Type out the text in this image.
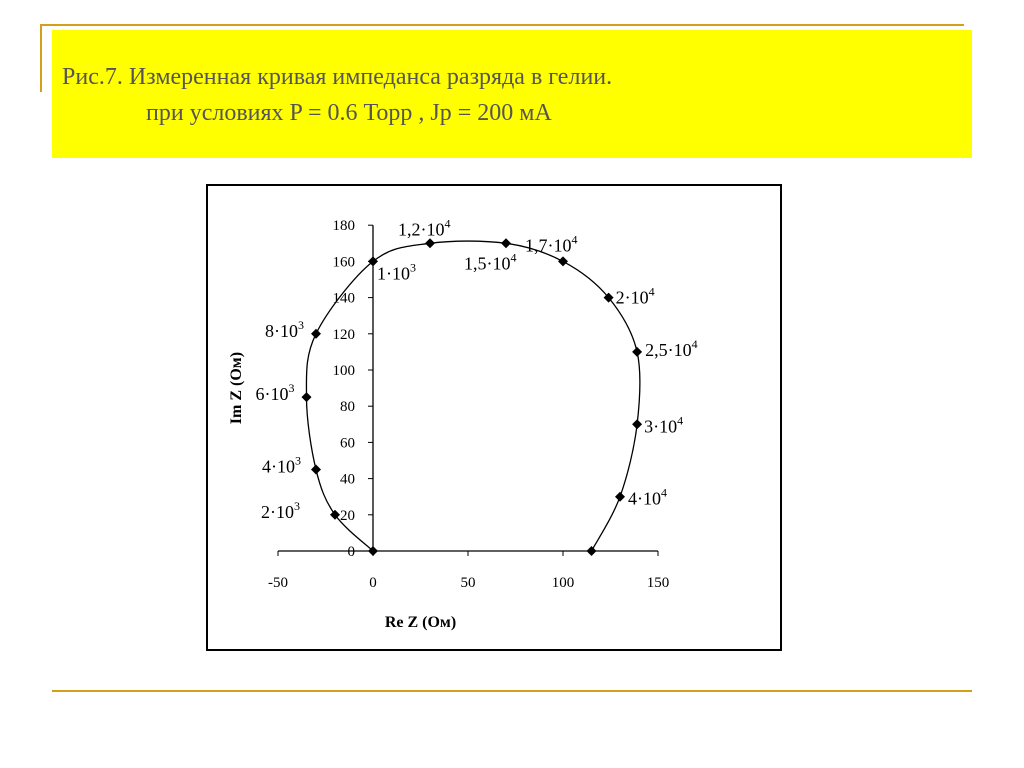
Рис.7. Измеренная кривая импеданса разряда в гелии.
при условиях P = 0.6 Торр , Jр = 200 мА
-50	0	50	100	150
0
20
40
60
80
100
120
140
160
180
Re Z (Ом)
Im Z (Ом)
$2\cdot 10^3$
$4\cdot 10^3$
$6\cdot 10^3$
$8\cdot 10^3$
$1\cdot 10^3$
$1,2\cdot 10^4$
$1,5\cdot 10^4$
$1,7\cdot 10^4$
$2\cdot 10^4$
$2,5\cdot 10^4$
$3\cdot 10^4$
$4\cdot 10^4$
